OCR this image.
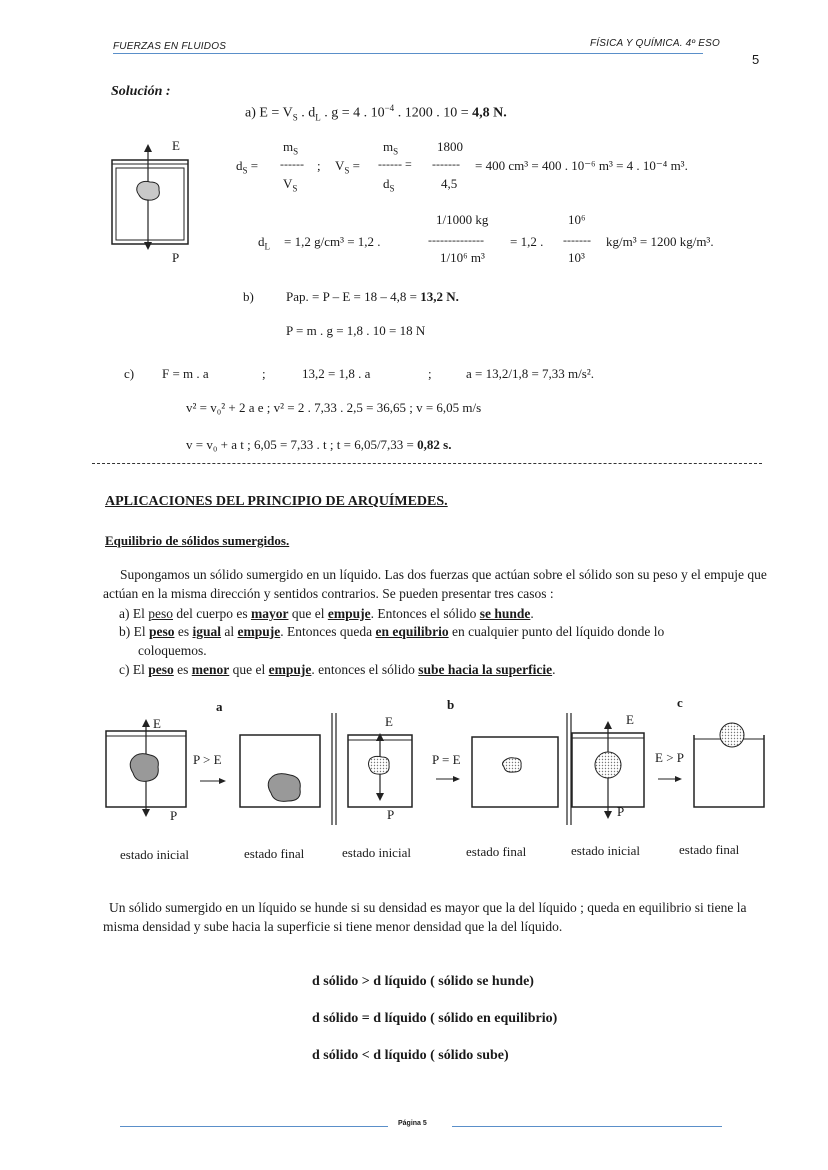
FUERZAS EN FLUIDOS	FÍSICA Y QUÍMICA. 4º ESO
5
Solución :
a) $E = V_S$ . $d_L$ . g = 4 . $10^{-4}$ . 1200 . 10 = 4,8 N.
E
P
$d_S$ =
$m_S$
------
$V_S$
; $V_S$ =
$m_S$
------ =
$d_S$
1800
-------
4,5
= 400 cm³ = 400 . 10⁻⁶ m³ = 4 . 10⁻⁴ m³.
$d_L = 1,2$ g/cm³ = 1,2 .
1/1000 kg
--------------
1/10⁶ m³
= 1,2 .
10⁶
-------
10³
kg/m³ = 1200 kg/m³.
b) Pap. = P – E = 18 – 4,8 = 13,2 N.
P = m . g = 1,8 . 10 = 18 N
c) F = m . a	;	13,2 = 1,8 . a	;	a = 13,2/1,8 = 7,33 m/s².
v² = v₀² + 2 a e ; v² = 2 . 7,33 . 2,5 = 36,65 ; v = 6,05 m/s
v = v₀ + a t ; 6,05 = 7,33 . t ; t = 6,05/7,33 = 0,82 s.
APLICACIONES DEL PRINCIPIO DE ARQUÍMEDES.
Equilibrio de sólidos sumergidos.
Supongamos un sólido sumergido en un líquido. Las dos fuerzas que actúan sobre el sólido son su peso y el empuje que actúan en la misma dirección y sentidos contrarios. Se pueden presentar tres casos :
a) El peso del cuerpo es mayor que el empuje. Entonces el sólido se hunde.
b) El peso es igual al empuje. Entonces queda en equilibrio en cualquier punto del líquido donde lo
coloquemos.
c) El peso es menor que el empuje. entonces el sólido sube hacia la superficie.
a	b	c
E
P
P > E
E
P
P = E
E
P
E > P
estado inicial	estado final	estado inicial	estado final	estado inicial	estado final
Un sólido sumergido en un líquido se hunde si su densidad es mayor que la del líquido ; queda en equilibrio si tiene la misma densidad y sube hacia la superficie si tiene menor densidad que la del líquido.
d sólido > d líquido ( sólido se hunde)
d sólido = d líquido ( sólido en equilibrio)
d sólido < d líquido ( sólido sube)
Página 5
